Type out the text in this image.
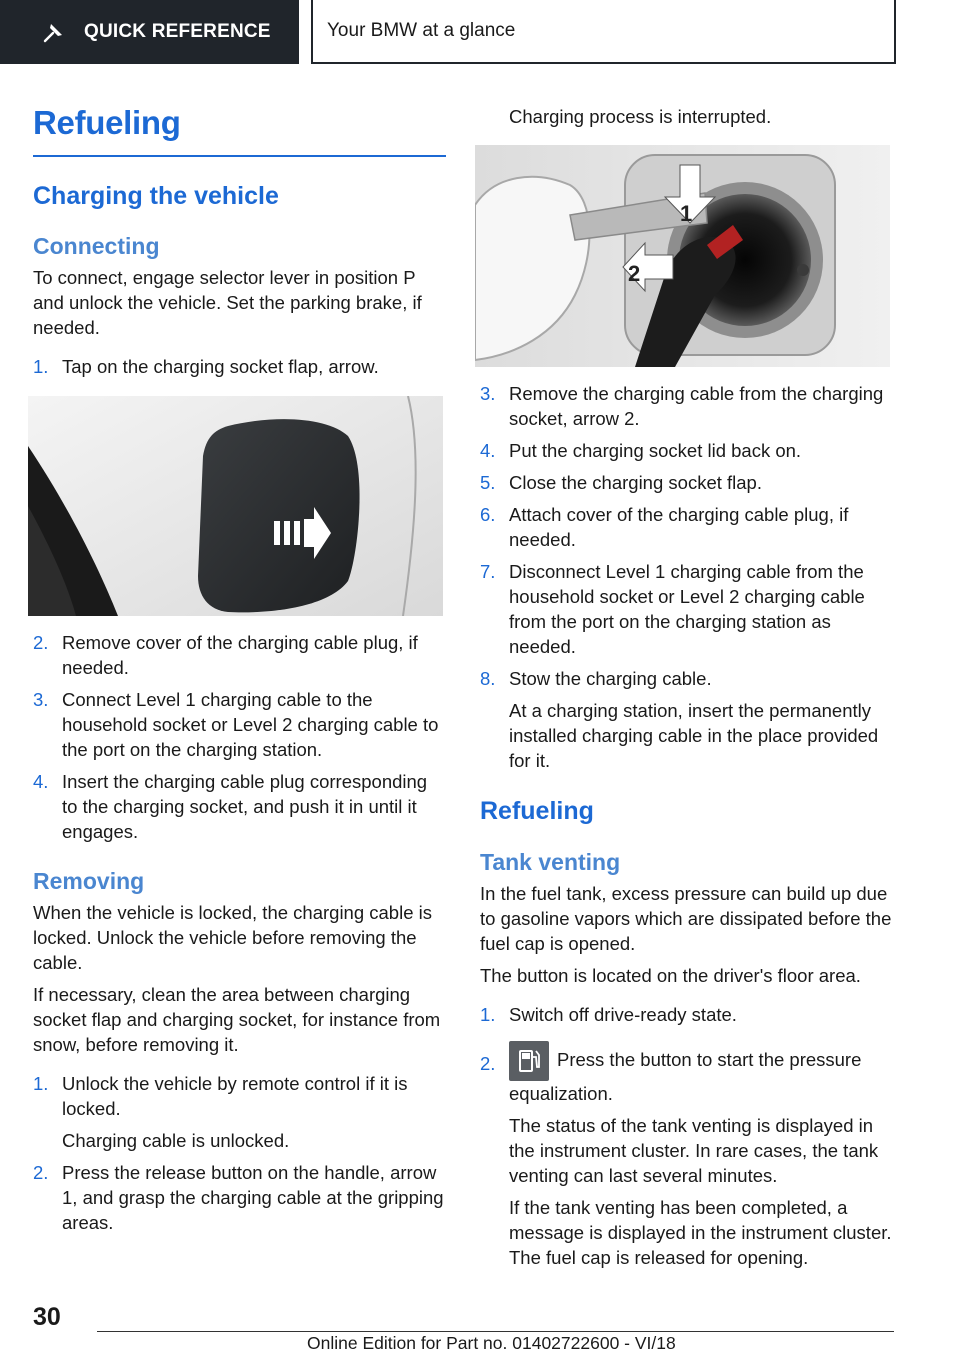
QUICK REFERENCE	Your BMW at a glance
Refueling
Charging the vehicle
Connecting

To connect, engage selector lever in position P and unlock the vehicle. Set the parking brake, if needed.

1. Tap on the charging socket flap, arrow.
2. Remove cover of the charging cable plug, if needed.
3. Connect Level 1 charging cable to the household socket or Level 2 charging cable to the port on the charging station.
4. Insert the charging cable plug corresponding to the charging socket, and push it in until it engages.
Removing

When the vehicle is locked, the charging cable is locked. Unlock the vehicle before removing the cable.

If necessary, clean the area between charging socket flap and charging socket, for instance from snow, before removing it.

1. Unlock the vehicle by remote control if it is locked.
Charging cable is unlocked.
2. Press the release button on the handle, arrow 1, and grasp the charging cable at the gripping areas.

Charging process is interrupted.

1
2
3. Remove the charging cable from the charging socket, arrow 2.
4. Put the charging socket lid back on.
5. Close the charging socket flap.
6. Attach cover of the charging cable plug, if needed.
7. Disconnect Level 1 charging cable from the household socket or Level 2 charging cable from the port on the charging station as needed.
8. Stow the charging cable.
At a charging station, insert the permanently installed charging cable in the place provided for it.
Refueling
Tank venting

In the fuel tank, excess pressure can build up due to gasoline vapors which are dissipated before the fuel cap is opened.

The button is located on the driver's floor area.

1. Switch off drive-ready state.
2.	Press the button to start the pressure equalization.
The status of the tank venting is displayed in the instrument cluster. In rare cases, the tank venting can last several minutes.
If the tank venting has been completed, a message is displayed in the instrument cluster. The fuel cap is released for opening.
30
Online Edition for Part no. 01402722600 - VI/18
